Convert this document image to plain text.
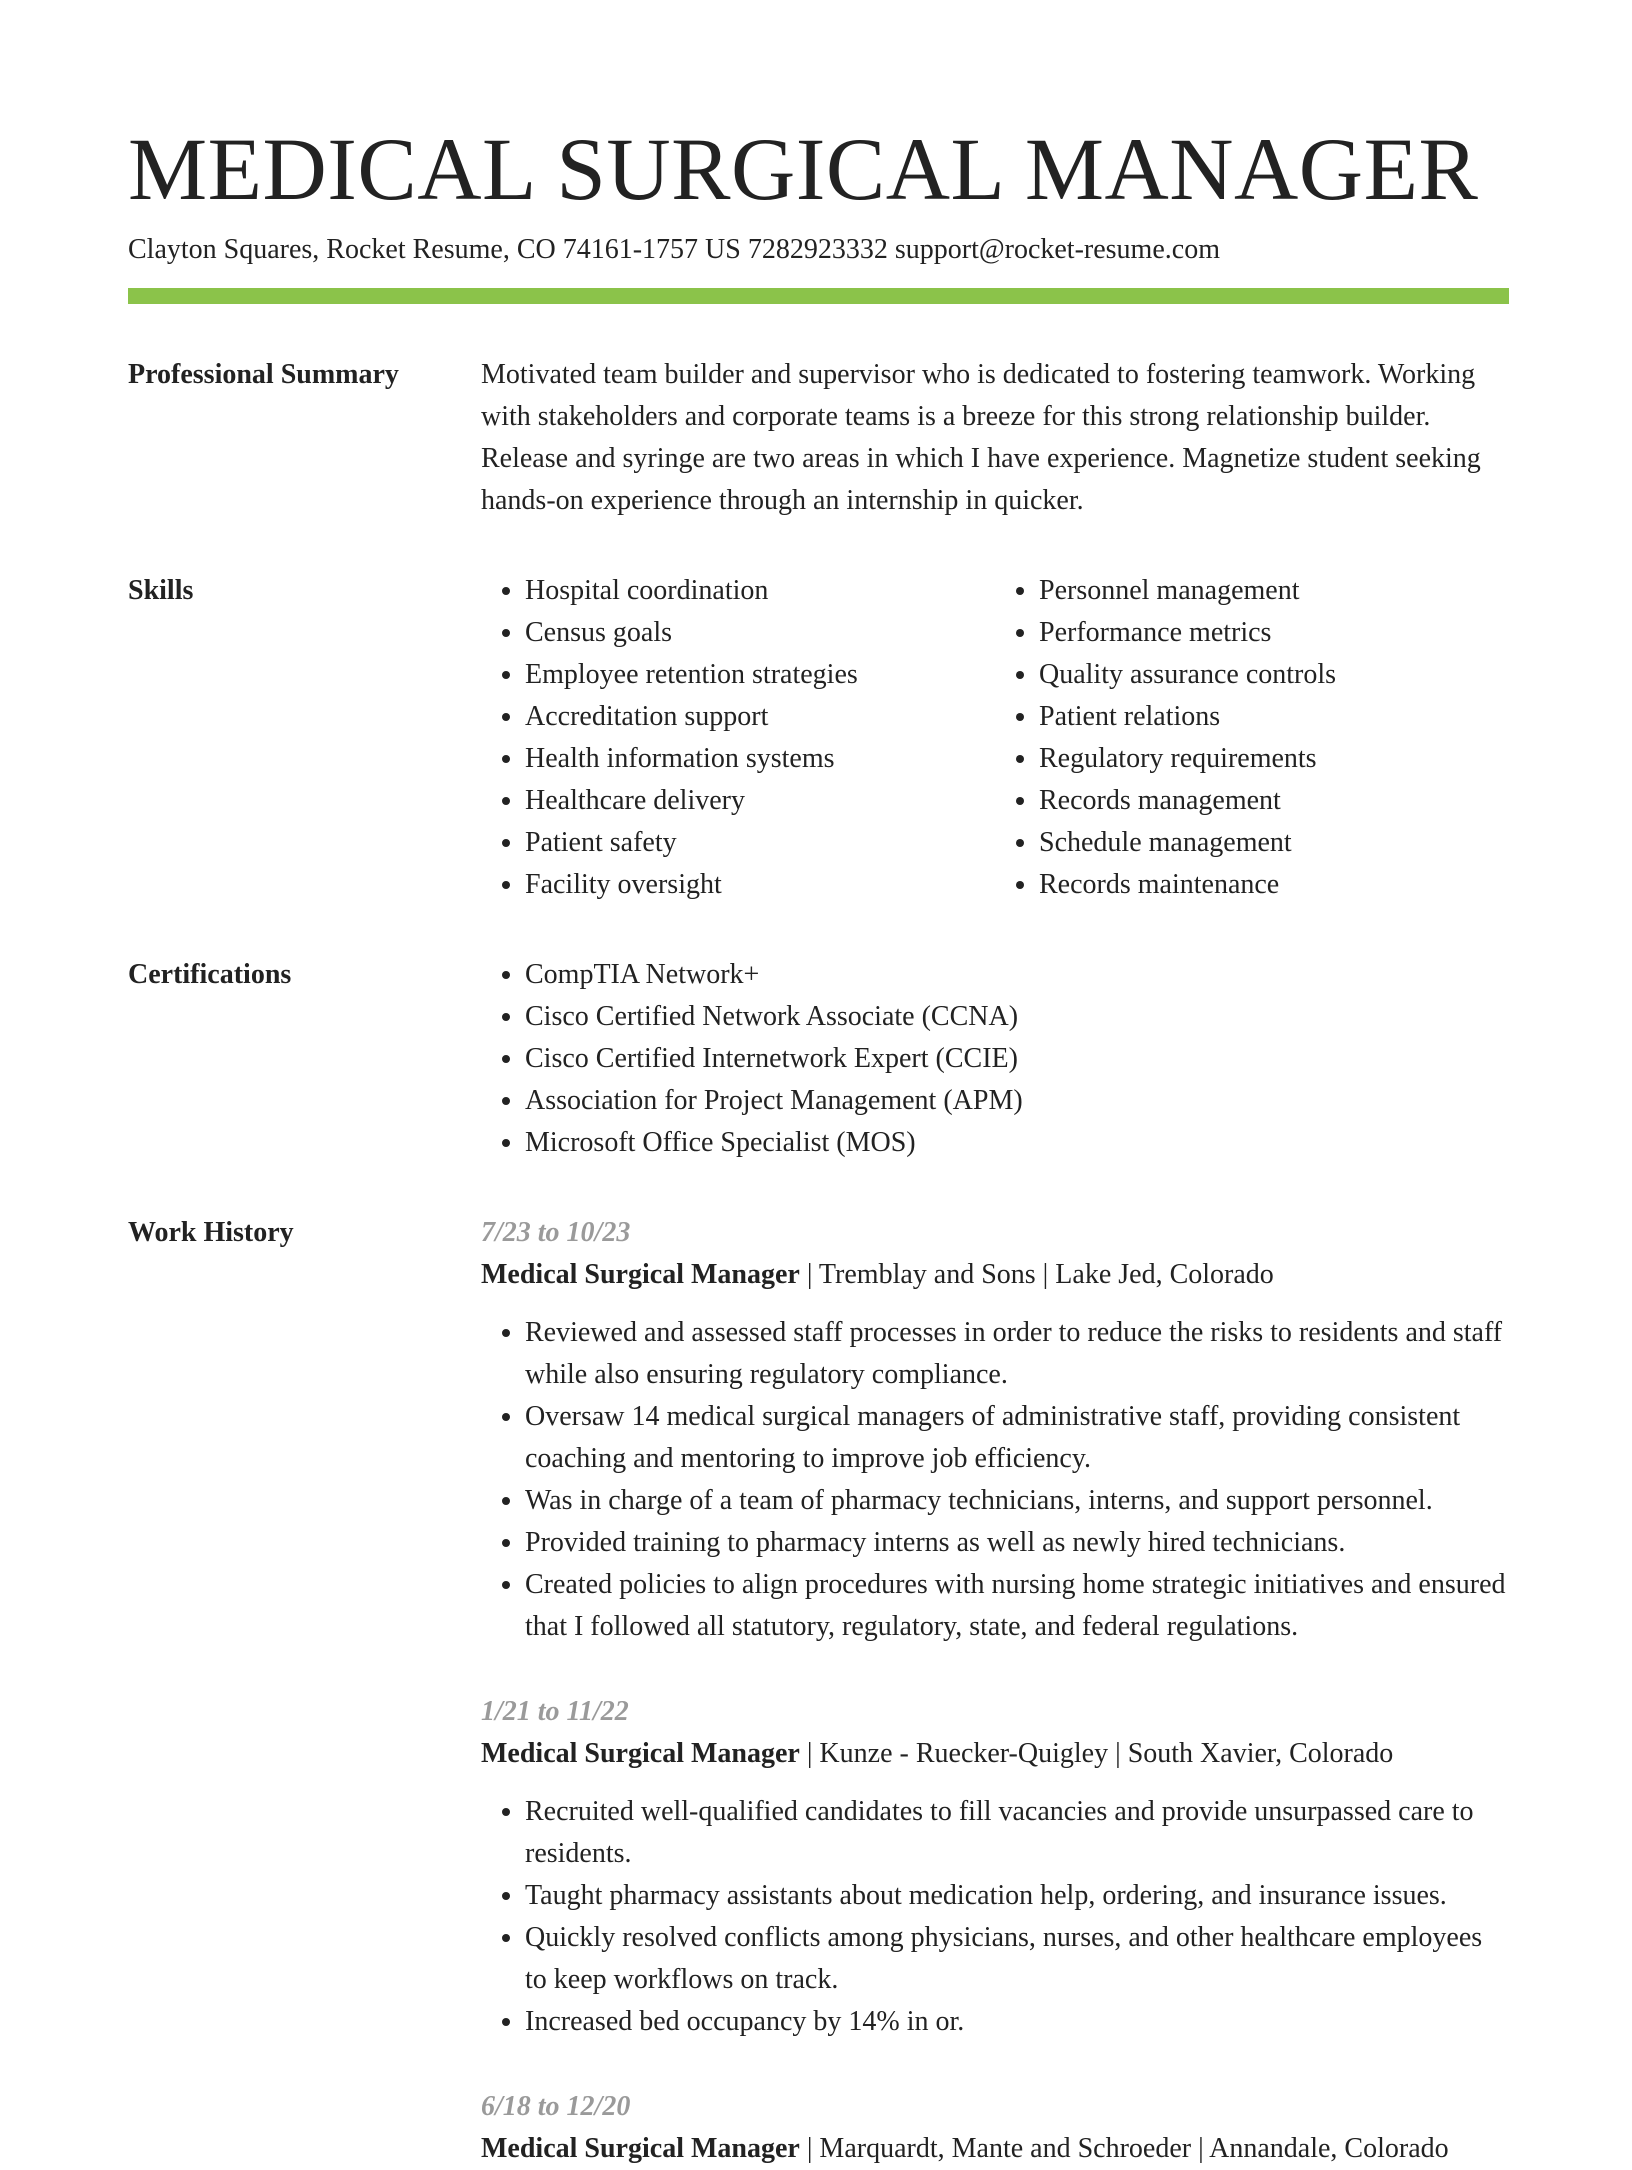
MEDICAL SURGICAL MANAGER
Clayton Squares, Rocket Resume, CO 74161-1757 US 7282923332 support@rocket-resume.com
Professional Summary	Motivated team builder and supervisor who is dedicated to fostering teamwork. Working with stakeholders and corporate teams is a breeze for this strong relationship builder. Release and syringe are two areas in which I have experience. Magnetize student seeking hands-on experience through an internship in quicker.

Skills	• Hospital coordination
• Census goals
• Employee retention strategies
• Accreditation support
• Health information systems
• Healthcare delivery
• Patient safety
• Facility oversight
• Personnel management
• Performance metrics
• Quality assurance controls
• Patient relations
• Regulatory requirements
• Records management
• Schedule management
• Records maintenance
Certifications	• CompTIA Network+
• Cisco Certified Network Associate (CCNA)
• Cisco Certified Internetwork Expert (CCIE)
• Association for Project Management (APM)
• Microsoft Office Specialist (MOS)
Work History	7/23 to 10/23
Medical Surgical Manager | Tremblay and Sons | Lake Jed, Colorado
• Reviewed and assessed staff processes in order to reduce the risks to residents and staff while also ensuring regulatory compliance.
• Oversaw 14 medical surgical managers of administrative staff, providing consistent coaching and mentoring to improve job efficiency.
• Was in charge of a team of pharmacy technicians, interns, and support personnel.
• Provided training to pharmacy interns as well as newly hired technicians.
• Created policies to align procedures with nursing home strategic initiatives and ensured that I followed all statutory, regulatory, state, and federal regulations.
1/21 to 11/22
Medical Surgical Manager | Kunze - Ruecker-Quigley | South Xavier, Colorado
• Recruited well-qualified candidates to fill vacancies and provide unsurpassed care to residents.
• Taught pharmacy assistants about medication help, ordering, and insurance issues.
• Quickly resolved conflicts among physicians, nurses, and other healthcare employees to keep workflows on track.
• Increased bed occupancy by 14% in or.
6/18 to 12/20
Medical Surgical Manager | Marquardt, Mante and Schroeder | Annandale, Colorado
